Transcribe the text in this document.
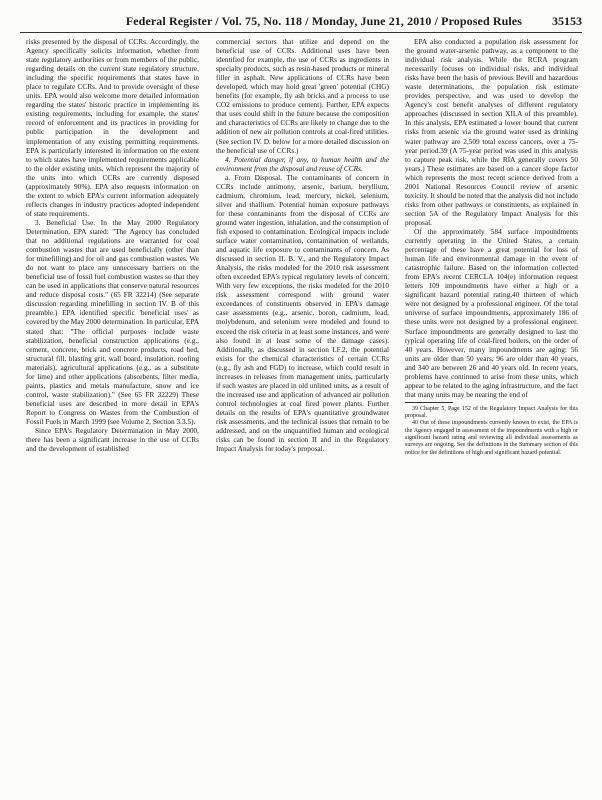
Federal Register / Vol. 75, No. 118 / Monday, June 21, 2010 / Proposed Rules	35153

risks presented by the disposal of CCRs. Accordingly, the Agency specifically solicits information, whether from state regulatory authorities or from members of the public, regarding details on the current state regulatory structure, including the specific requirements that states have in place to regulate CCRs. And to provide oversight of these units. EPA would also welcome more detailed information regarding the states' historic practice in implementing its existing requirements, including for example, the states' record of enforcement and its practices in providing for public participation in the development and implementation of any existing permitting requirements. EPA is particularly interested in information on the extent to which states have implemented requirements applicable to the older existing units, which represent the majority of the units into which CCRs are currently disposed (approximately 90%). EPA also requests information on the extent to which EPA's current information adequately reflects changes in industry practices adopted independent of state requirements.

3. Beneficial Use. In the May 2000 Regulatory Determination, EPA stated: "The Agency has concluded that no additional regulations are warranted for coal combustion wastes that are used beneficially (other than for minefilling) and for oil and gas combustion wastes. We do not want to place any unnecessary barriers on the beneficial use of fossil fuel combustion wastes so that they can be used in applications that conserve natural resources and reduce disposal costs." (65 FR 32214) (See separate discussion regarding minefilling in section IV. B of this preamble.) EPA identified specific 'beneficial uses' as covered by the May 2000 determination. In particular, EPA stated that: "The official purposes include waste stabilization, beneficial construction applications (e.g., cement, concrete, brick and concrete products, road bed, structural fill, blasting grit, wall board, insulation, roofing materials), agricultural applications (e.g., as a substitute for lime) and other applications (absorbents, filter media, paints, plastics and metals manufacture, snow and ice control, waste stabilization)." (See 65 FR 32229) These beneficial uses are described in more detail in EPA's Report to Congress on Wastes from the Combustion of Fossil Fuels in March 1999 (see Volume 2, Section 3.3.5).

Since EPA's Regulatory Determination in May 2000, there has been a significant increase in the use of CCRs and the development of established

commercial sectors that utilize and depend on the beneficial use of CCRs. Additional uses have been identified for example, the use of CCRs as ingredients in specialty products, such as resin-based products or mineral filler in asphalt. New applications of CCRs have been developed, which may hold great 'green' potential (CHG) benefits (for example, fly ash bricks and a process to use CO2 emissions to produce cement). Further, EPA expects that uses could shift in the future because the composition and characteristics of CCRs are likely to change due to the addition of new air pollution controls at coal-fired utilities. (See section IV. D. below for a more detailed discussion on the beneficial use of CCRs.)

4. Potential danger, if any, to human health and the environment from the disposal and reuse of CCRs.

a. From Disposal. The contaminants of concern in CCRs include antimony, arsenic, barium, beryllium, cadmium, chromium, lead, mercury, nickel, selenium, silver and thallium. Potential human exposure pathways for these contaminants from the disposal of CCRs are ground water ingestion, inhalation, and the consumption of fish exposed to contamination. Ecological impacts include surface water contamination, contamination of wetlands, and aquatic life exposure to contaminants of concern. As discussed in section II. B. V., and the Regulatory Impact Analysis, the risks modeled for the 2010 risk assessment often exceeded EPA's typical regulatory levels of concern. With very few exceptions, the risks modeled for the 2010 risk assessment correspond with ground water exceedances of constituents observed in EPA's damage case assessments (e.g., arsenic, boron, cadmium, lead, molybdenum, and selenium were modeled and found to exceed the risk criteria in at least some instances, and were also found in at least some of the damage cases). Additionally, as discussed in section I.F.2, the potential exists for the chemical characteristics of certain CCRs (e.g., fly ash and FGD) to increase, which could result in increases in releases from management units, particularly if such wastes are placed in old unlined units, as a result of the increased use and application of advanced air pollution control technologies at coal fired power plants. Further details on the results of EPA's quantitative groundwater risk assessments, and the technical issues that remain to be addressed, and on the unquantified human and ecological risks can be found in section II and in the Regulatory Impact Analysis for today's proposal.

EPA also conducted a population risk assessment for the ground water-arsenic pathway, as a component to the individual risk analysis. While the RCRA program necessarily focuses on individual risks, and individual risks have been the basis of previous Bevill and hazardous waste determinations, the population risk estimate provides perspective, and was used to develop the Agency's cost benefit analyses of different regulatory approaches (discussed in section XII.A of this preamble). In this analysis, EPA estimated a lower bound that current risks from arsenic via the ground water used as drinking water pathway are 2,509 total excess cancers, over a 75-year period.39 (A 75-year period was used in this analysis to capture peak risk, while the RIA generally covers 50 years.) These estimates are based on a cancer slope factor which represents the most recent science derived from a 2001 National Resources Council review of arsenic toxicity. It should be noted that the analysis did not include risks from other pathways or constituents, as explained in section 5A of the Regulatory Impact Analysis for this proposal.

Of the approximately 584 surface impoundments currently operating in the United States, a certain percentage of these have a great potential for loss of human life and environmental damage in the event of catastrophic failure. Based on the information collected from EPA's recent CERCLA 104(e) information request letters 109 impoundments have either a high or a significant hazard potential rating,40 thirteen of which were not designed by a professional engineer. Of the total universe of surface impoundments, approximately 186 of these units were not designed by a professional engineer. Surface impoundments are generally designed to last the typical operating life of coal-fired boilers, on the order of 40 years. However, many impoundments are aging: 56 units are older than 50 years, 96 are older than 40 years, and 340 are between 26 and 40 years old. In recent years, problems have continued to arise from these units, which appear to be related to the aging infrastructure, and the fact that many units may be nearing the end of

39 Chapter 5, Page 152 of the Regulatory Impact Analysis for this proposal.

40 Out of these impoundments currently known to exist, the EPA is the Agency engaged in assessment of the impoundments with a high or significant hazard rating and reviewing all individual assessments as surveys are ongoing. See the definitions in the Summary section of this notice for the definitions of high and significant hazard potential.
